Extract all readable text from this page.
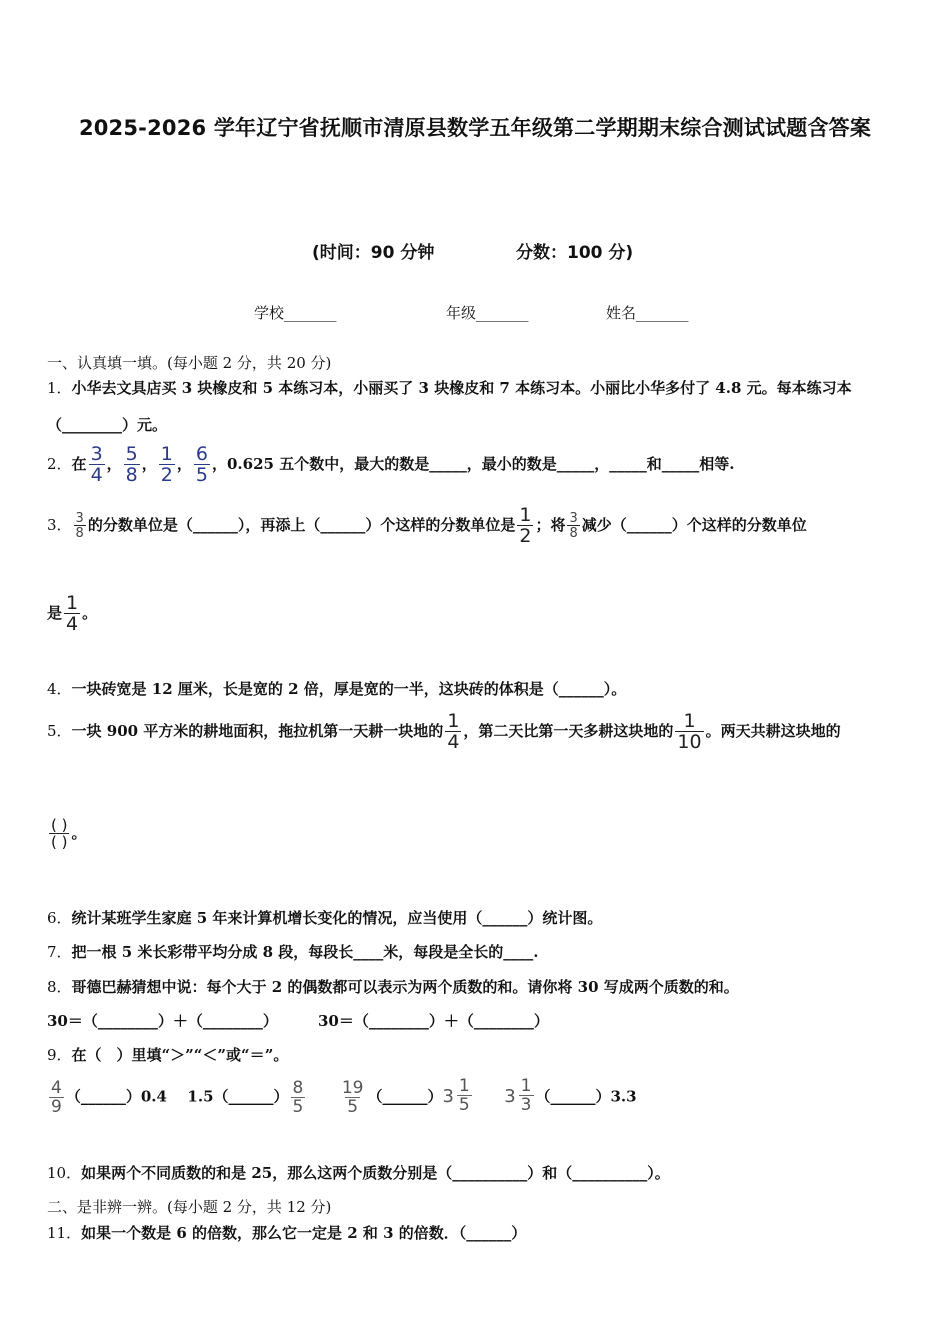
2025-2026 学年辽宁省抚顺市清原县数学五年级第二学期期末综合测试试题含答案
(时间：90 分钟	分数：100 分)
学校_______	年级_______	姓名_______
一、认真填一填。(每小题 2 分，共 20 分)
1．小华去文具店买 3 块橡皮和 5 本练习本，小丽买了 3 块橡皮和 7 本练习本。小丽比小华多付了 4.8 元。每本练习本
（________）元。
2．在 $\frac{3}{4}$ ， $\frac{5}{8}$ ， $\frac{1}{2}$ ， $\frac{6}{5}$ ，0.625 五个数中，最大的数是_____，最小的数是_____，_____和_____相等.
3． $\frac{3}{8}$ 的分数单位是（______），再添上（______）个这样的分数单位是 $\frac{1}{2}$ ；将 $\frac{3}{8}$ 减少（______）个这样的分数单位
是 $\frac{1}{4}$ 。
4．一块砖宽是 12 厘米，长是宽的 2 倍，厚是宽的一半，这块砖的体积是（______）。
5．一块 900 平方米的耕地面积，拖拉机第一天耕一块地的 $\frac{1}{4}$ ，第二天比第一天多耕这块地的 $\frac{1}{10}$ 。两天共耕这块地的
$\frac{( )}{( )}$ 。
6．统计某班学生家庭 5 年来计算机增长变化的情况，应当使用（______）统计图。
7．把一根 5 米长彩带平均分成 8 段，每段长____米，每段是全长的____.
8．哥德巴赫猜想中说：每个大于 2 的偶数都可以表示为两个质数的和。请你将 30 写成两个质数的和。
30＝（________）＋（________）	30＝（________）＋（________）
9．在（　）里填“＞”“＜”或“＝”。
$\frac{4}{9}$ （______）0.4 1.5（______） $\frac{8}{5}$
$\frac{19}{5}$ （______） $3 \frac{1}{5}$
$3 \frac{1}{3}$ （______）3.3
10．如果两个不同质数的和是 25，那么这两个质数分别是（__________）和（__________）。
二、是非辨一辨。(每小题 2 分，共 12 分)
11．如果一个数是 6 的倍数，那么它一定是 2 和 3 的倍数．（______）
